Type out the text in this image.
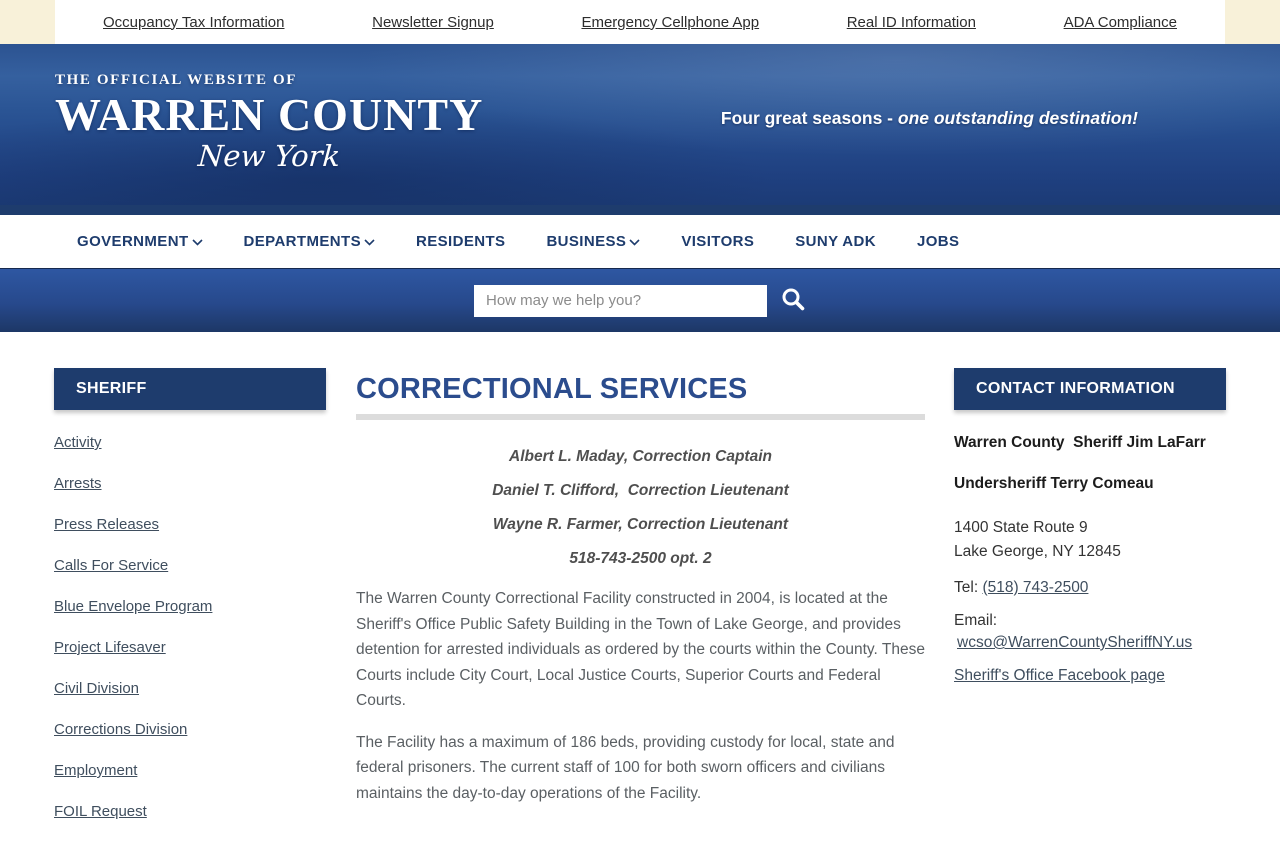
Occupancy Tax Information	Newsletter Signup	Emergency Cellphone App	Real ID Information	ADA Compliance
THE OFFICIAL WEBSITE OF
WARREN COUNTY
New York
Four great seasons - one outstanding destination!
GOVERNMENT	DEPARTMENTS	RESIDENTS	BUSINESS	VISITORS	SUNY ADK	JOBS
How may we help you?
SHERIFF
Activity
Arrests
Press Releases
Calls For Service
Blue Envelope Program
Project Lifesaver
Civil Division
Corrections Division
Employment
FOIL Request
CORRECTIONAL SERVICES
Albert L. Maday, Correction Captain
Daniel T. Clifford,  Correction Lieutenant
Wayne R. Farmer, Correction Lieutenant
518-743-2500 opt. 2

The Warren County Correctional Facility constructed in 2004, is located at the Sheriff's Office Public Safety Building in the Town of Lake George, and provides detention for arrested individuals as ordered by the courts within the County. These Courts include City Court, Local Justice Courts, Superior Courts and Federal Courts.

The Facility has a maximum of 186 beds, providing custody for local, state and federal prisoners. The current staff of 100 for both sworn officers and civilians maintains the day-to-day operations of the Facility.

CONTACT INFORMATION
Warren County  Sheriff Jim LaFarr
Undersheriff Terry Comeau
1400 State Route 9
Lake George, NY 12845
Tel: (518) 743-2500
Email:
wcso@WarrenCountySheriffNY.us
Sheriff's Office Facebook page
